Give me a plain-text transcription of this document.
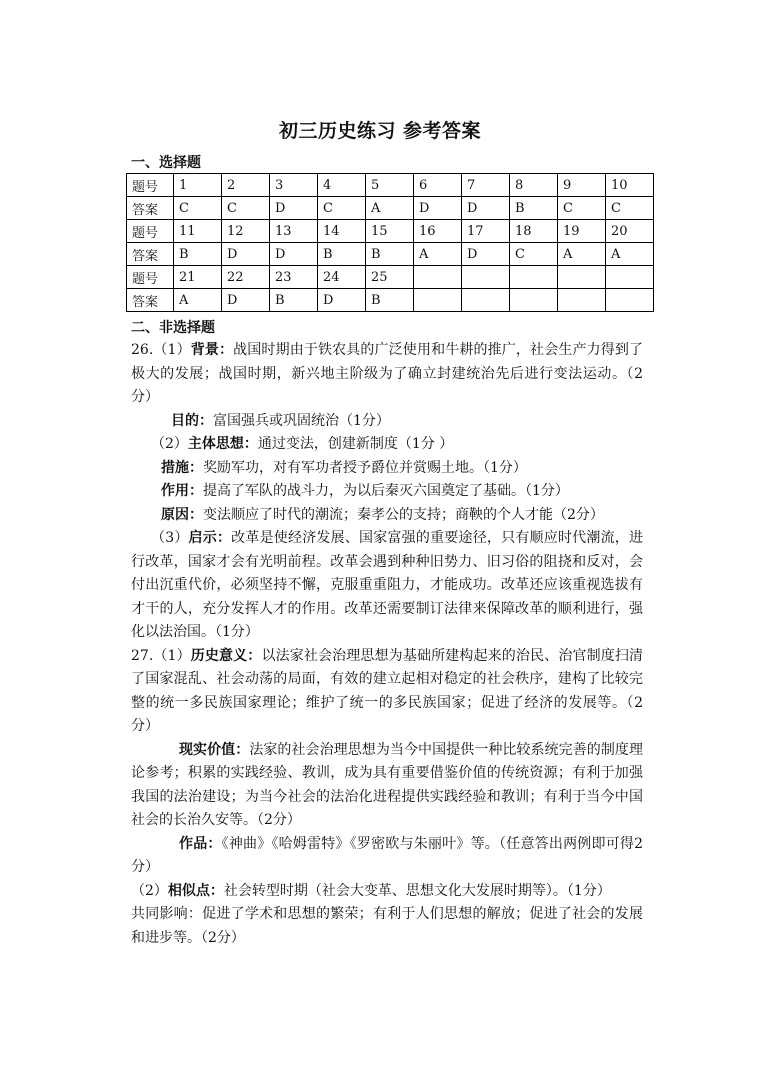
初三历史练习 参考答案
一、选择题
题号	1	2	3	4	5	6	7	8	9	10
答案	C	C	D	C	A	D	D	B	C	C
题号	11	12	13	14	15	16	17	18	19	20
答案	B	D	D	B	B	A	D	C	A	A
题号	21	22	23	24	25					
答案	A	D	B	D	B					
二、非选择题

26.（1）背景：战国时期由于铁农具的广泛使用和牛耕的推广，社会生产力得到了极大的发展；战国时期，新兴地主阶级为了确立封建统治先后进行变法运动。（2分）

目的：富国强兵或巩固统治（1分）

（2）主体思想：通过变法，创建新制度（1分 ）

措施：奖励军功，对有军功者授予爵位并赏赐土地。（1分）

作用：提高了军队的战斗力，为以后秦灭六国奠定了基础。（1分）

原因：变法顺应了时代的潮流；秦孝公的支持；商鞅的个人才能（2分）

（3）启示：改革是使经济发展、国家富强的重要途径，只有顺应时代潮流，进行改革，国家才会有光明前程。改革会遇到种种旧势力、旧习俗的阻挠和反对，会付出沉重代价，必须坚持不懈，克服重重阻力，才能成功。改革还应该重视选拔有才干的人，充分发挥人才的作用。改革还需要制订法律来保障改革的顺利进行，强化以法治国。（1分）

27.（1）历史意义：以法家社会治理思想为基础所建构起来的治民、治官制度扫清了国家混乱、社会动荡的局面，有效的建立起相对稳定的社会秩序，建构了比较完整的统一多民族国家理论；维护了统一的多民族国家；促进了经济的发展等。（2分）

现实价值：法家的社会治理思想为当今中国提供一种比较系统完善的制度理论参考；积累的实践经验、教训，成为具有重要借鉴价值的传统资源；有利于加强我国的法治建设；为当今社会的法治化进程提供实践经验和教训；有利于当今中国社会的长治久安等。（2分）

作品：《神曲》《哈姆雷特》《罗密欧与朱丽叶》等。（任意答出两例即可得2分）

（2）相似点：社会转型时期（社会大变革、思想文化大发展时期等）。（1分）

共同影响：促进了学术和思想的繁荣；有利于人们思想的解放；促进了社会的发展和进步等。（2分）
